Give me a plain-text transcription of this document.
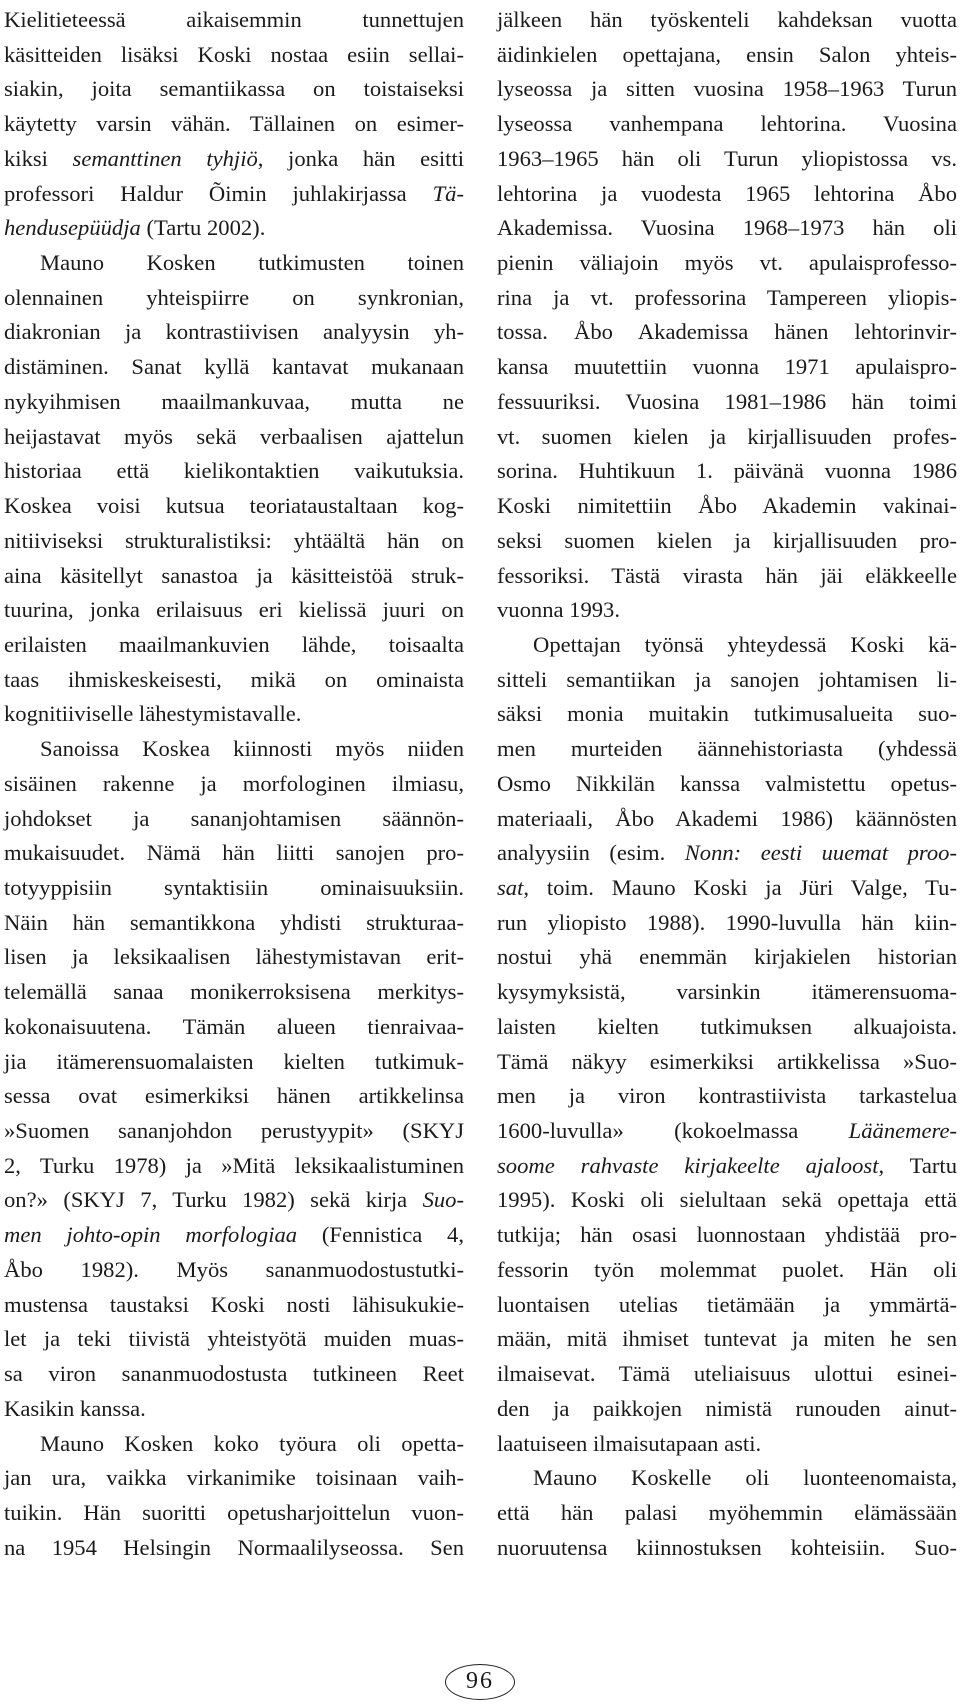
Kielitieteessä aikaisemmin tunnettujen
käsitteiden lisäksi Koski nostaa esiin sellai-
siakin, joita semantiikassa on toistaiseksi
käytetty varsin vähän. Tällainen on esimer-
kiksi semanttinen tyhjiö, jonka hän esitti
professori Haldur Õimin juhlakirjassa Tä-
hendusepüüdja (Tartu 2002).
Mauno Kosken tutkimusten toinen
olennainen yhteispiirre on synkronian,
diakronian ja kontrastiivisen analyysin yh-
distäminen. Sanat kyllä kantavat mukanaan
nykyihmisen maailmankuvaa, mutta ne
heijastavat myös sekä verbaalisen ajattelun
historiaa että kielikontaktien vaikutuksia.
Koskea voisi kutsua teoriataustaltaan kog-
nitiiviseksi strukturalistiksi: yhtäältä hän on
aina käsitellyt sanastoa ja käsitteistöä struk-
tuurina, jonka erilaisuus eri kielissä juuri on
erilaisten maailmankuvien lähde, toisaalta
taas ihmiskeskeisesti, mikä on ominaista
kognitiiviselle lähestymistavalle.
Sanoissa Koskea kiinnosti myös niiden
sisäinen rakenne ja morfologinen ilmiasu,
johdokset ja sananjohtamisen säännön-
mukaisuudet. Nämä hän liitti sanojen pro-
totyyppisiin syntaktisiin ominaisuuksiin.
Näin hän semantikkona yhdisti strukturaa-
lisen ja leksikaalisen lähestymistavan erit-
telemällä sanaa monikerroksisena merkitys-
kokonaisuutena. Tämän alueen tienraivaa-
jia itämerensuomalaisten kielten tutkimuk-
sessa ovat esimerkiksi hänen artikkelinsa
»Suomen sananjohdon perustyypit» (SKYJ
2, Turku 1978) ja »Mitä leksikaalistuminen
on?» (SKYJ 7, Turku 1982) sekä kirja Suo-
men johto-opin morfologiaa (Fennistica 4,
Åbo 1982). Myös sananmuodostustutki-
mustensa taustaksi Koski nosti lähisukukie-
let ja teki tiivistä yhteistyötä muiden muas-
sa viron sananmuodostusta tutkineen Reet
Kasikin kanssa.
Mauno Kosken koko työura oli opetta-
jan ura, vaikka virkanimike toisinaan vaih-
tuikin. Hän suoritti opetusharjoittelun vuon-
na 1954 Helsingin Normaalilyseossa. Sen
jälkeen hän työskenteli kahdeksan vuotta
äidinkielen opettajana, ensin Salon yhteis-
lyseossa ja sitten vuosina 1958–1963 Turun
lyseossa vanhempana lehtorina. Vuosina
1963–1965 hän oli Turun yliopistossa vs.
lehtorina ja vuodesta 1965 lehtorina Åbo
Akademissa. Vuosina 1968–1973 hän oli
pienin väliajoin myös vt. apulaisprofesso-
rina ja vt. professorina Tampereen yliopis-
tossa. Åbo Akademissa hänen lehtorinvir-
kansa muutettiin vuonna 1971 apulaispro-
fessuuriksi. Vuosina 1981–1986 hän toimi
vt. suomen kielen ja kirjallisuuden profes-
sorina. Huhtikuun 1. päivänä vuonna 1986
Koski nimitettiin Åbo Akademin vakinai-
seksi suomen kielen ja kirjallisuuden pro-
fessoriksi. Tästä virasta hän jäi eläkkeelle
vuonna 1993.
Opettajan työnsä yhteydessä Koski kä-
sitteli semantiikan ja sanojen johtamisen li-
säksi monia muitakin tutkimusalueita suo-
men murteiden äännehistoriasta (yhdessä
Osmo Nikkilän kanssa valmistettu opetus-
materiaali, Åbo Akademi 1986) käännösten
analyysiin (esim. Nonn: eesti uuemat proo-
sat, toim. Mauno Koski ja Jüri Valge, Tu-
run yliopisto 1988). 1990-luvulla hän kiin-
nostui yhä enemmän kirjakielen historian
kysymyksistä, varsinkin itämerensuoma-
laisten kielten tutkimuksen alkuajoista.
Tämä näkyy esimerkiksi artikkelissa »Suo-
men ja viron kontrastiivista tarkastelua
1600-luvulla» (kokoelmassa Läänemere-
soome rahvaste kirjakeelte ajaloost, Tartu
1995). Koski oli sielultaan sekä opettaja että
tutkija; hän osasi luonnostaan yhdistää pro-
fessorin työn molemmat puolet. Hän oli
luontaisen utelias tietämään ja ymmärtä-
mään, mitä ihmiset tuntevat ja miten he sen
ilmaisevat. Tämä uteliaisuus ulottui esinei-
den ja paikkojen nimistä runouden ainut-
laatuiseen ilmaisutapaan asti.
Mauno Koskelle oli luonteenomaista,
että hän palasi myöhemmin elämässään
nuoruutensa kiinnostuksen kohteisiin. Suo-
96
